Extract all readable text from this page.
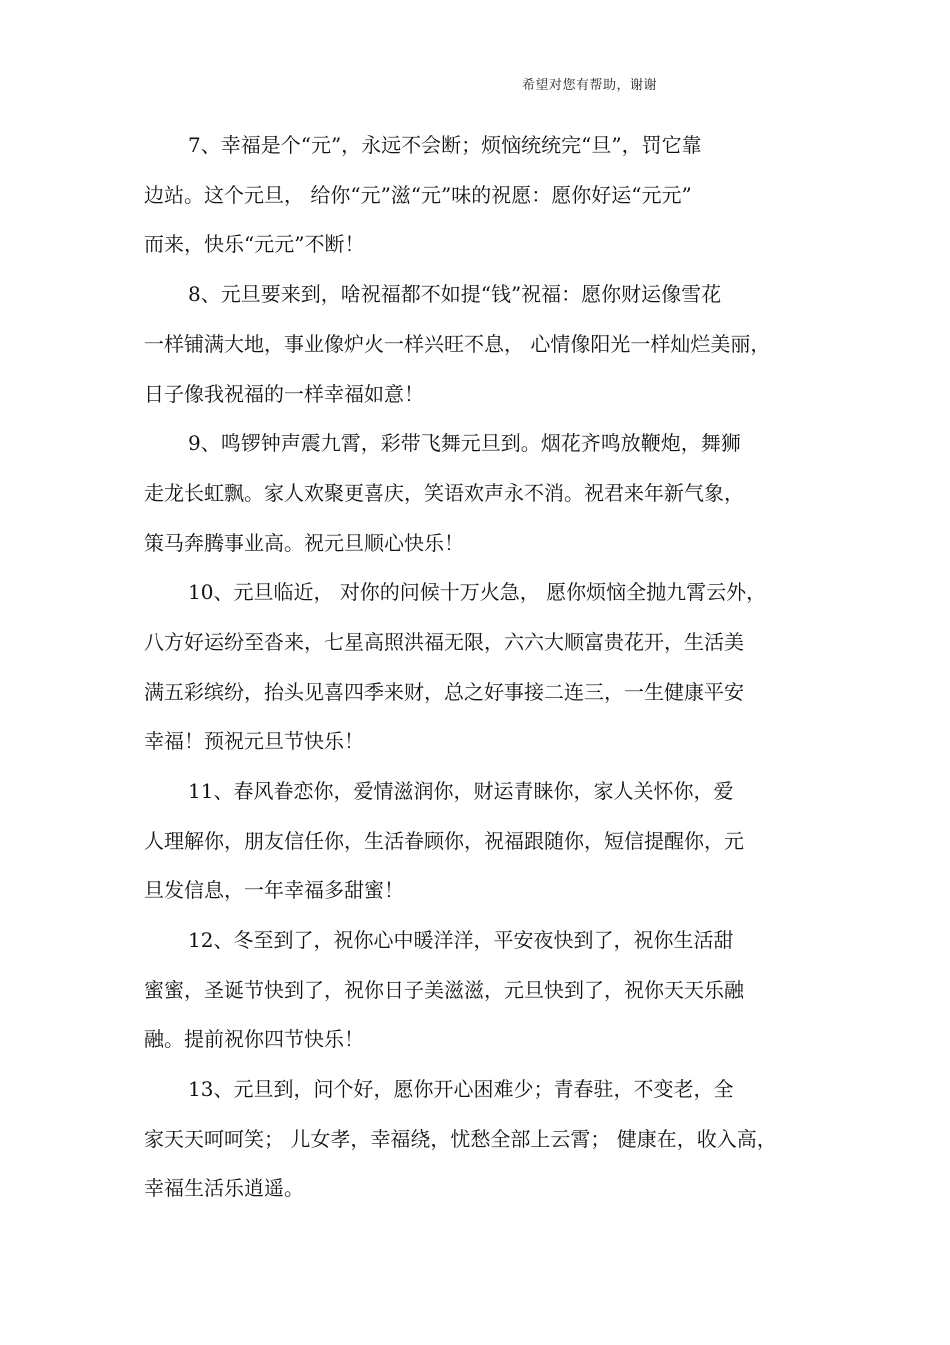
希望对您有帮助，谢谢
7、幸福是个“元”，永远不会断；烦恼统统完“旦”，罚它靠
边站。这个元旦， 给你“元”滋“元”味的祝愿：愿你好运“元元”
而来，快乐“元元”不断！
8、元旦要来到，啥祝福都不如提“钱”祝福：愿你财运像雪花
一样铺满大地，事业像炉火一样兴旺不息， 心情像阳光一样灿烂美丽，
日子像我祝福的一样幸福如意！
9、鸣锣钟声震九霄，彩带飞舞元旦到。烟花齐鸣放鞭炮，舞狮
走龙长虹飘。家人欢聚更喜庆，笑语欢声永不消。祝君来年新气象，
策马奔腾事业高。祝元旦顺心快乐！
10、元旦临近， 对你的问候十万火急， 愿你烦恼全抛九霄云外，
八方好运纷至沓来，七星高照洪福无限，六六大顺富贵花开，生活美
满五彩缤纷，抬头见喜四季来财，总之好事接二连三，一生健康平安
幸福！预祝元旦节快乐！
11、春风眷恋你，爱情滋润你，财运青睐你，家人关怀你，爱
人理解你，朋友信任你，生活眷顾你，祝福跟随你，短信提醒你，元
旦发信息，一年幸福多甜蜜！
12、冬至到了，祝你心中暖洋洋，平安夜快到了，祝你生活甜
蜜蜜，圣诞节快到了，祝你日子美滋滋，元旦快到了，祝你天天乐融
融。提前祝你四节快乐！
13、元旦到，问个好，愿你开心困难少；青春驻，不变老，全
家天天呵呵笑； 儿女孝，幸福绕，忧愁全部上云霄； 健康在，收入高，
幸福生活乐逍遥。
